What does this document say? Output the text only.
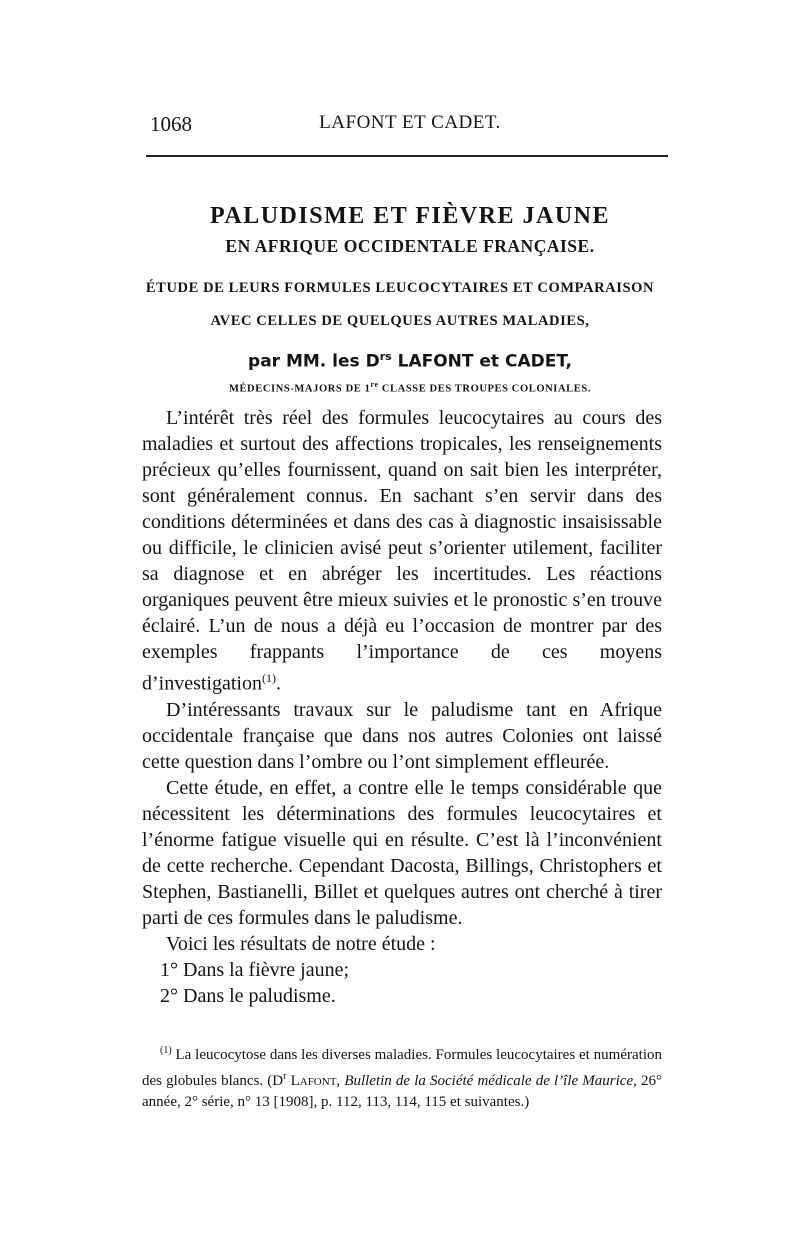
1068	LAFONT ET CADET.
PALUDISME ET FIÈVRE JAUNE
EN AFRIQUE OCCIDENTALE FRANÇAISE.
ÉTUDE DE LEURS FORMULES LEUCOCYTAIRES ET COMPARAISON
AVEC CELLES DE QUELQUES AUTRES MALADIES,
par MM. les $D^{rs}$ LAFONT et CADET,
MÉDECINS-MAJORS DE 1re CLASSE DES TROUPES COLONIALES.

L’intérêt très réel des formules leucocytaires au cours des maladies et surtout des affections tropicales, les renseignements précieux qu’elles fournissent, quand on sait bien les interpréter, sont généralement connus. En sachant s’en servir dans des conditions déterminées et dans des cas à diagnostic insaisissable ou difficile, le clinicien avisé peut s’orienter utilement, faciliter sa diagnose et en abréger les incertitudes. Les réactions organiques peuvent être mieux suivies et le pronostic s’en trouve éclairé. L’un de nous a déjà eu l’occasion de montrer par des exemples frappants l’importance de ces moyens d’investigation$^{(1)}$.

D’intéressants travaux sur le paludisme tant en Afrique occidentale française que dans nos autres Colonies ont laissé cette question dans l’ombre ou l’ont simplement effleurée.

Cette étude, en effet, a contre elle le temps considérable que nécessitent les déterminations des formules leucocytaires et l’énorme fatigue visuelle qui en résulte. C’est là l’inconvénient de cette recherche. Cependant Dacosta, Billings, Christophers et Stephen, Bastianelli, Billet et quelques autres ont cherché à tirer parti de ces formules dans le paludisme.

Voici les résultats de notre étude :

1° Dans la fièvre jaune;

2° Dans le paludisme.

$^{(1)}$ La leucocytose dans les diverses maladies. Formules leucocytaires et numération des globules blancs. ($D^r$ Lafont, Bulletin de la Société médicale de l’île Maurice, 26° année, 2° série, n° 13 [1908], p. 112, 113, 114, 115 et suivantes.)
